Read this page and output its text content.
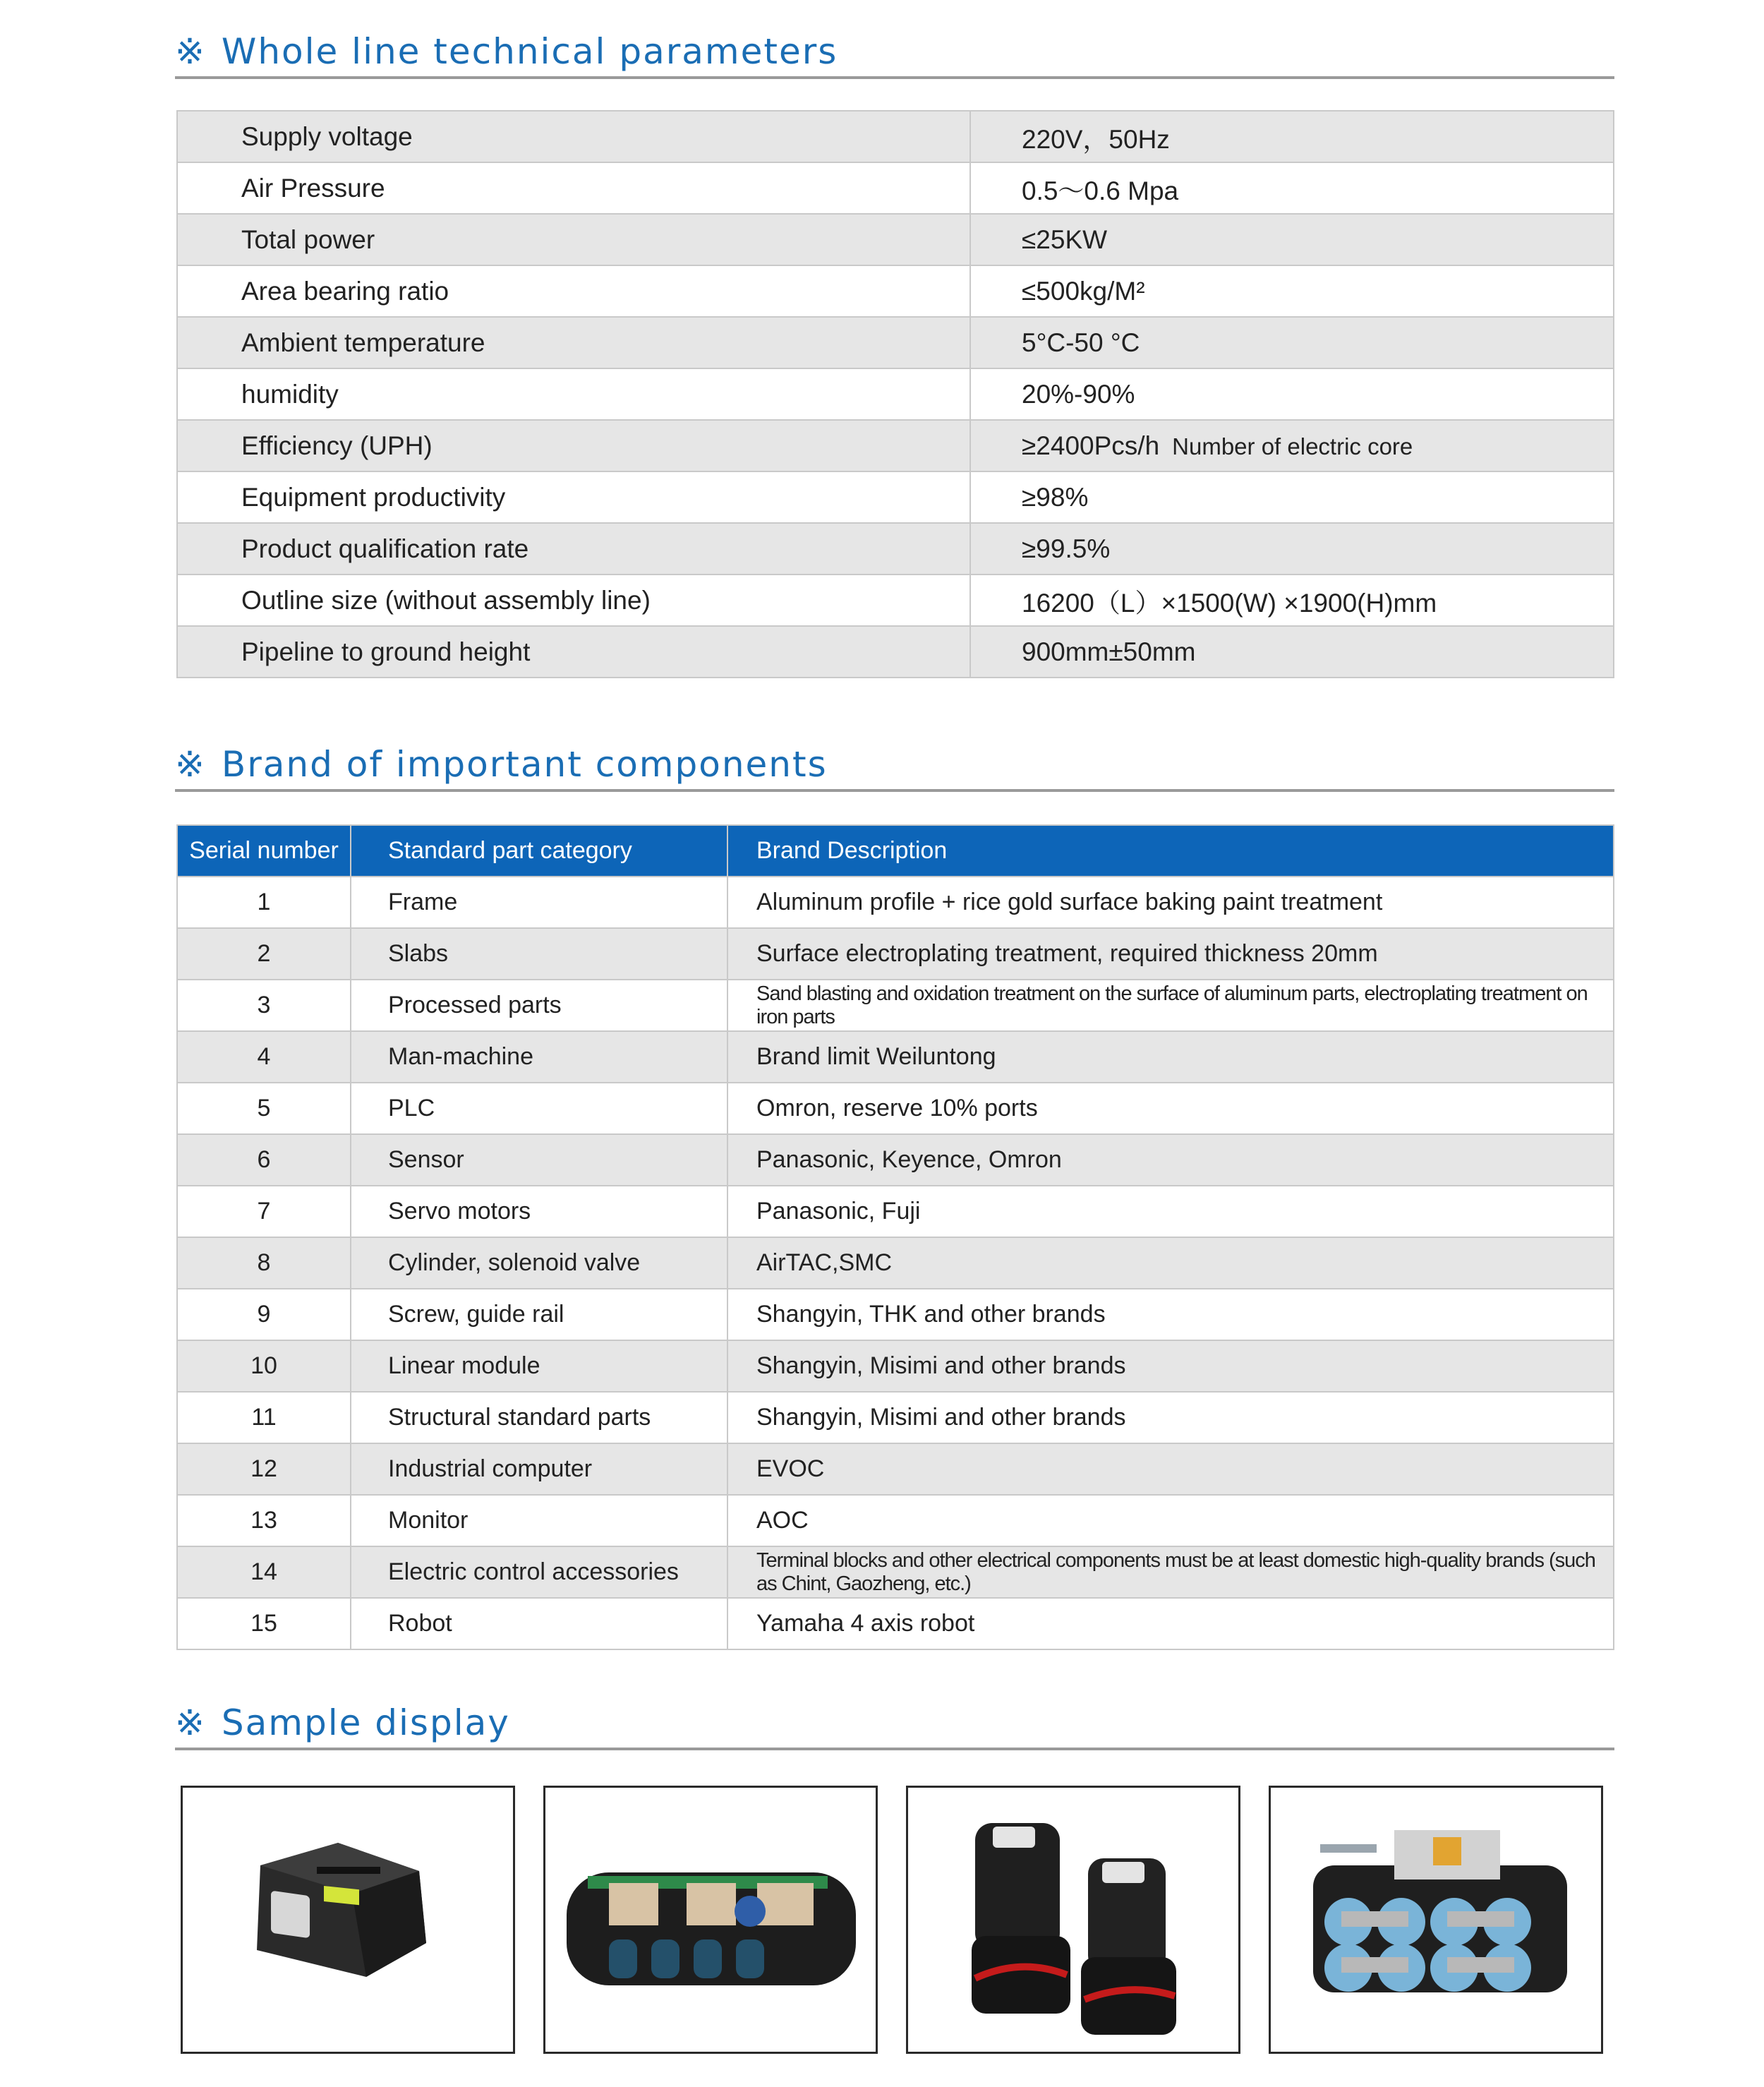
※ Whole line technical parameters
Supply voltage	220V，50Hz
Air Pressure	0.5～0.6 Mpa
Total power	≤25KW
Area bearing ratio	≤500kg/M²
Ambient temperature	5°C-50 °C
humidity	20%-90%
Efficiency (UPH)	≥2400Pcs/h Number of electric core
Equipment productivity	≥98%
Product qualification rate	≥99.5%
Outline size (without assembly line)	16200（L）×1500(W) ×1900(H)mm
Pipeline to ground height	900mm±50mm
※ Brand of important components
Serial number	Standard part category	Brand Description
1	Frame	Aluminum profile + rice gold surface baking paint treatment
2	Slabs	Surface electroplating treatment, required thickness 20mm
3	Processed parts	Sand blasting and oxidation treatment on the surface of aluminum parts, electroplating treatment on iron parts
4	Man-machine	Brand limit Weiluntong
5	PLC	Omron, reserve 10% ports
6	Sensor	Panasonic, Keyence, Omron
7	Servo motors	Panasonic, Fuji
8	Cylinder, solenoid valve	AirTAC,SMC
9	Screw, guide rail	Shangyin, THK and other brands
10	Linear module	Shangyin, Misimi and other brands
11	Structural standard parts	Shangyin, Misimi and other brands
12	Industrial computer	EVOC
13	Monitor	AOC
14	Electric control accessories	Terminal blocks and other electrical components must be at least domestic high-quality brands (such as Chint, Gaozheng, etc.)
15	Robot	Yamaha 4 axis robot
※ Sample display
